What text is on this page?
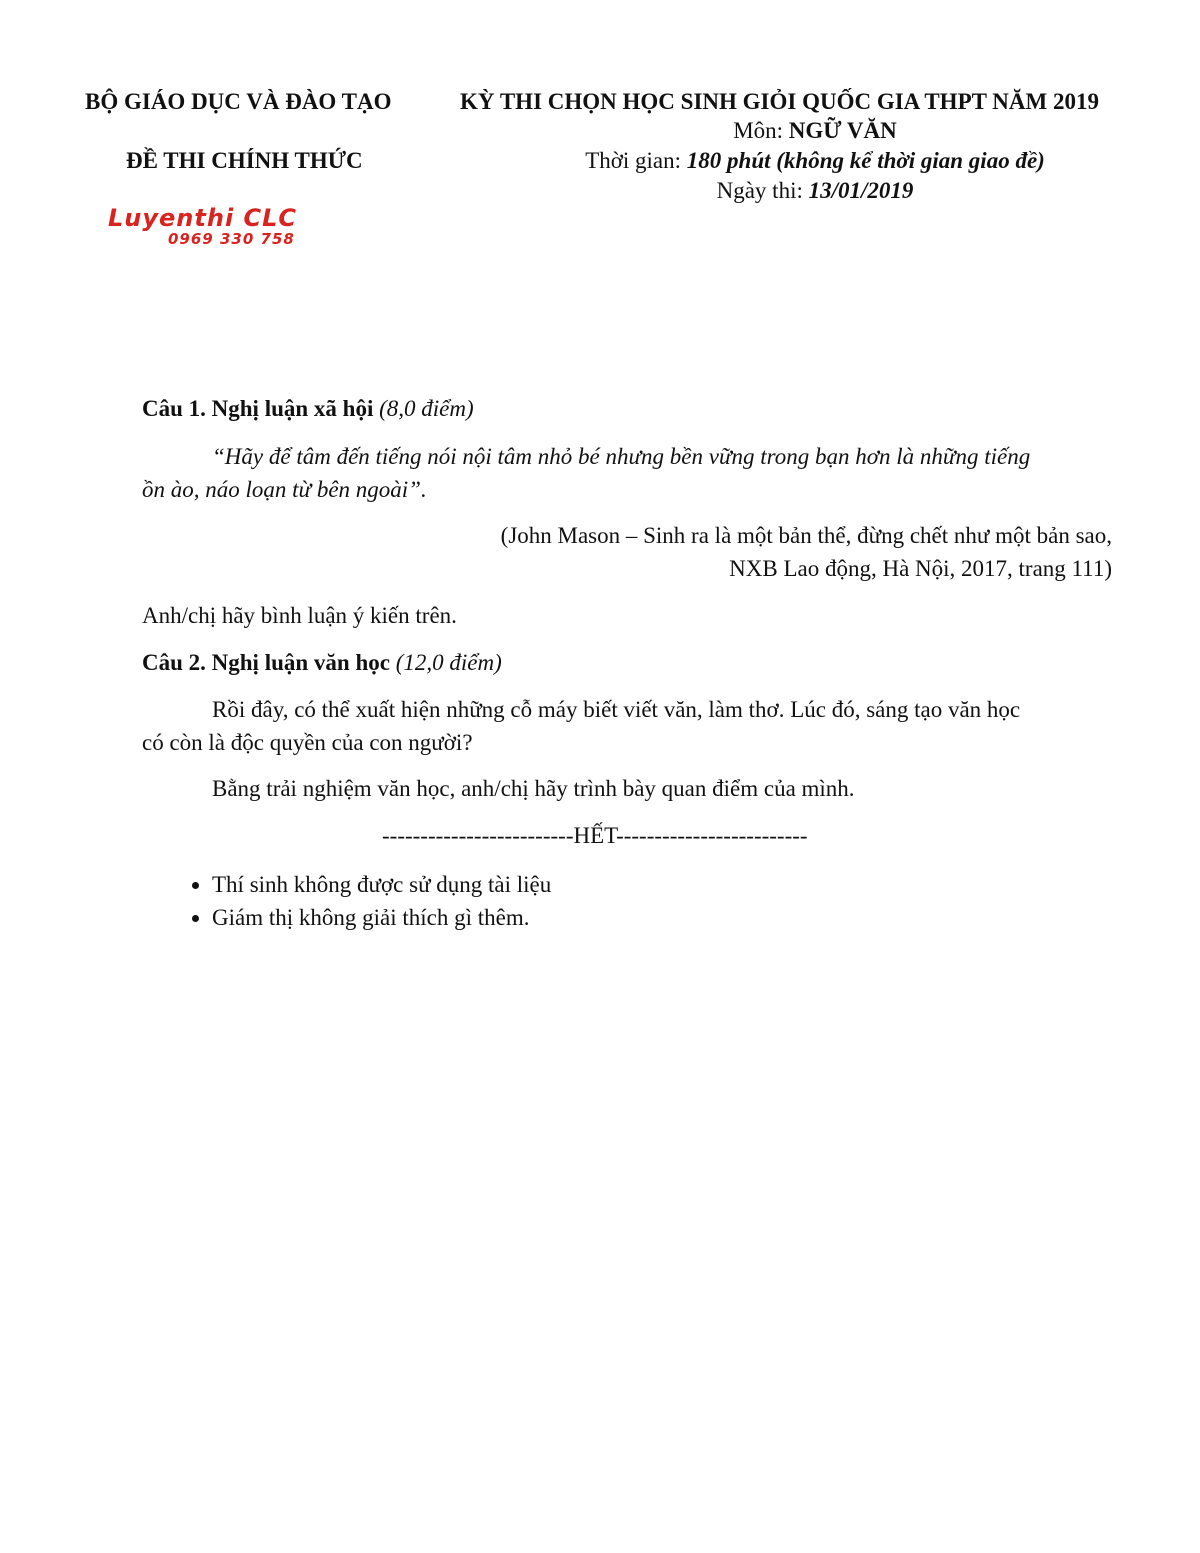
BỘ GIÁO DỤC VÀ ĐÀO TẠO
ĐỀ THI CHÍNH THỨC
Luyenthi CLC
0969 330 758
KỲ THI CHỌN HỌC SINH GIỎI QUỐC GIA THPT NĂM 2019
Môn: NGỮ VĂN
Thời gian: 180 phút (không kể thời gian giao đề)
Ngày thi: 13/01/2019
Câu 1. Nghị luận xã hội (8,0 điểm)
“Hãy để tâm đến tiếng nói nội tâm nhỏ bé nhưng bền vững trong bạn hơn là những tiếng
ồn ào, náo loạn từ bên ngoài”.
(John Mason – Sinh ra là một bản thể, đừng chết như một bản sao,
NXB Lao động, Hà Nội, 2017, trang 111)
Anh/chị hãy bình luận ý kiến trên.
Câu 2. Nghị luận văn học (12,0 điểm)
Rồi đây, có thể xuất hiện những cỗ máy biết viết văn, làm thơ. Lúc đó, sáng tạo văn học
có còn là độc quyền của con người?
Bằng trải nghiệm văn học, anh/chị hãy trình bày quan điểm của mình.
-------------------------HẾT-------------------------
• Thí sinh không được sử dụng tài liệu
• Giám thị không giải thích gì thêm.
